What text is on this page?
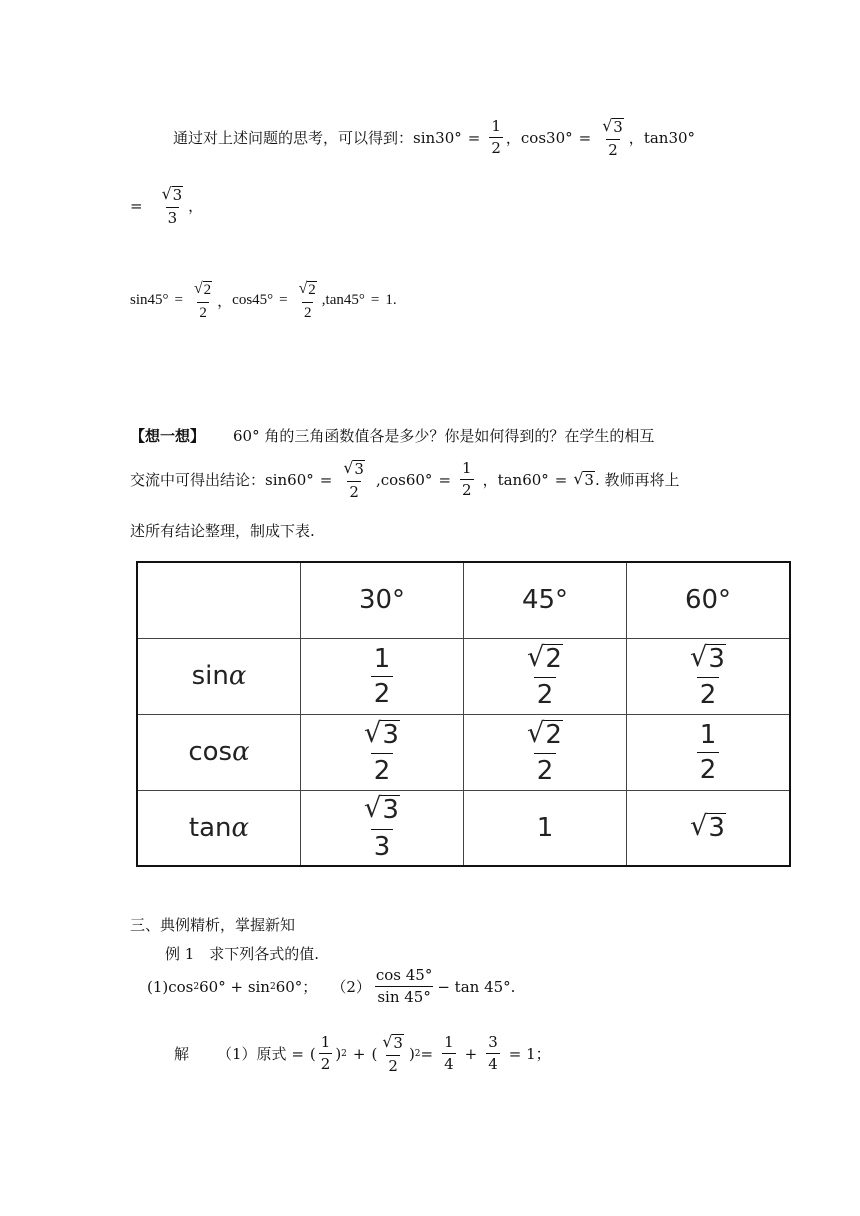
通过对上述问题的思考，可以得到： $\sin 30^\circ = \frac{1}{2}$ ， $\cos 30^\circ = \frac{√ 3}{2}$ ， tan30°
= $\frac{√ 3}{3}$ ，
$\sin 45^\circ = \frac{√ 2}{2}$ ， $\cos 45^\circ = \frac{√ 2}{2}$ , tan45° = 1.
【想一想】 60° 角的三角函数值各是多少？你是如何得到的？在学生的相互
交流中可得出结论： $\sin 60^\circ = \frac{√ 3}{2}$ , $\cos 60^\circ = \frac{1}{2}$ ， tan60° = √ 3 . 教师再将上
述所有结论整理，制成下表.
	30°	45°	60°
sinα	$\frac{1}{2}$	$\frac{√ 2}{2}$	$\frac{√ 3}{2}$

cosα	$\frac{√ 3}{2}$	$\frac{√ 2}{2}$	$\frac{1}{2}$

tanα	$\frac{√ 3}{3}$	1	√ 3
三、典例精析，掌握新知
例 1　求下列各式的值.
(1)cos 2 60° + sin 2 60°； $(2) \frac{\cos 45^\circ}{\sin 45^\circ} - \tan 45^\circ$.
解 （1）原式 = ( $\frac{1}{2}$ ) 2 + ( $\frac{√ 3}{2}$ ) $2 = \frac{1}{4} + \frac{3}{4} = 1$；
